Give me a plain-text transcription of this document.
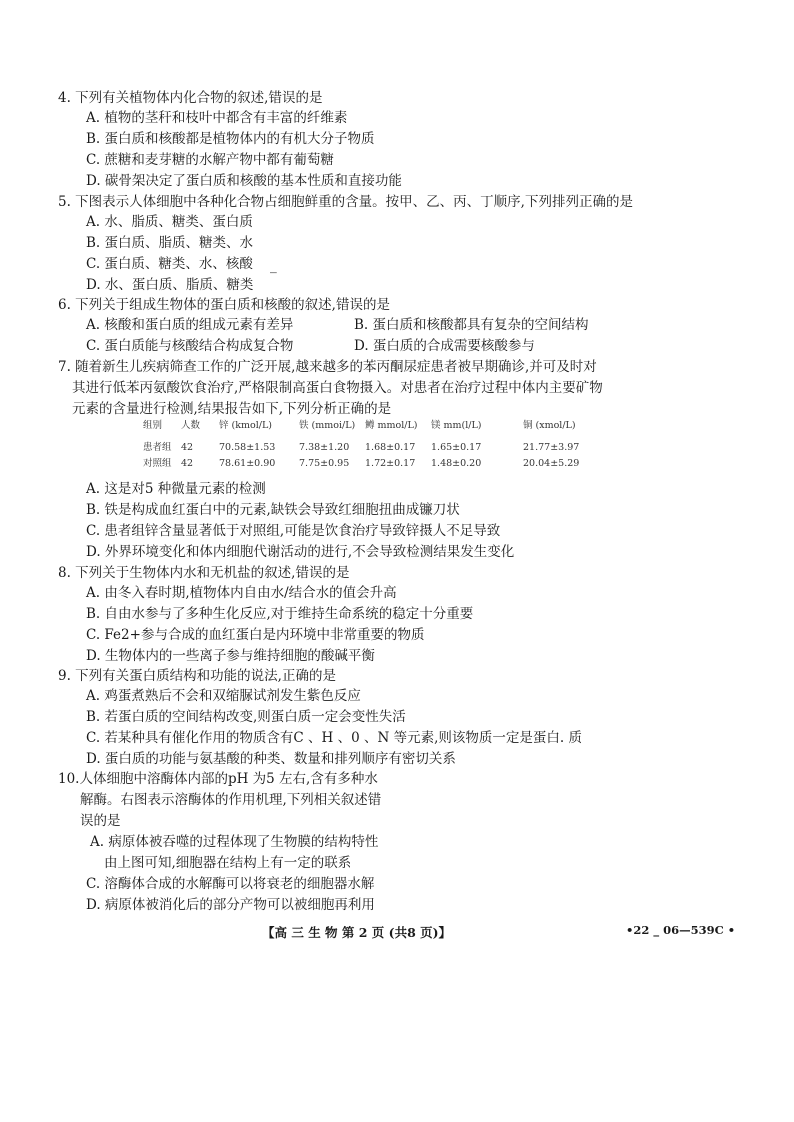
4. 下列有关植物体内化合物的叙述,错误的是
A. 植物的茎秆和枝叶中都含有丰富的纤维素
B. 蛋白质和核酸都是植物体内的有机大分子物质
C. 蔗糖和麦芽糖的水解产物中都有葡萄糖
D. 碳骨架决定了蛋白质和核酸的基本性质和直接功能
5. 下图表示人体细胞中各种化合物占细胞鲜重的含量。按甲、乙、丙、丁顺序,下列排列正确的是
A. 水、脂质、糖类、蛋白质
B. 蛋白质、脂质、糖类、水
C. 蛋白质、糖类、水、核酸 _
D. 水、蛋白质、脂质、糖类
6. 下列关于组成生物体的蛋白质和核酸的叙述,错误的是
A. 核酸和蛋白质的组成元素有差异	B. 蛋白质和核酸都具有复杂的空间结构
C. 蛋白质能与核酸结合构成复合物	D. 蛋白质的合成需要核酸参与
7. 随着新生儿疾病筛查工作的广泛开展,越来越多的苯丙酮尿症患者被早期确诊,并可及时对
其进行低苯丙氨酸饮食治疗,严格限制高蛋白食物摄入。对患者在治疗过程中体内主要矿物
元素的含量进行检测,结果报告如下,下列分析正确的是
组别	人数	锌 (kmol/L)	铁 (mmoi/L)	鳟 mmol/L)	镁 mm(l/L)	铜 (xmol/L)

患者组	42	70.58±1.53	7.38±1.20	1.68±0.17	1.65±0.17	21.77±3.97
对照组	42	78.61±0.90	7.75±0.95	1.72±0.17	1.48±0.20	20.04±5.29
A. 这是对5 种微量元素的检测
B. 铁是构成血红蛋白中的元素,缺铁会导致红细胞扭曲成镰刀状
C. 患者组锌含量显著低于对照组,可能是饮食治疗导致锌摄人不足导致
D. 外界环境变化和体内细胞代谢活动的进行,不会导致检测结果发生变化
8. 下列关于生物体内水和无机盐的叙述,错误的是
A. 由冬入春时期,植物体内自由水/结合水的值会升高
B. 自由水参与了多种生化反应,对于维持生命系统的稳定十分重要
C. Fe2+参与合成的血红蛋白是内环境中非常重要的物质
D. 生物体内的一些离子参与维持细胞的酸碱平衡
9. 下列有关蛋白质结构和功能的说法,正确的是
A. 鸡蛋煮熟后不会和双缩脲试剂发生紫色反应
B. 若蛋白质的空间结构改变,则蛋白质一定会变性失活
C. 若某种具有催化作用的物质含有C 、H 、0 、N 等元素,则该物质一定是蛋白. 质
D. 蛋白质的功能与氨基酸的种类、数量和排列顺序有密切关系
10.人体细胞中溶酶体内部的pH 为5 左右,含有多种水
解酶。右图表示溶酶体的作用机理,下列相关叙述错
误的是
A. 病原体被吞噬的过程体现了生物膜的结构特性
由上图可知,细胞器在结构上有一定的联系
C. 溶酶体合成的水解酶可以将衰老的细胞器水解
D. 病原体被消化后的部分产物可以被细胞再利用
【高 三 生 物 第 2 页 (共8 页)】	•22 _ 06—539C •
